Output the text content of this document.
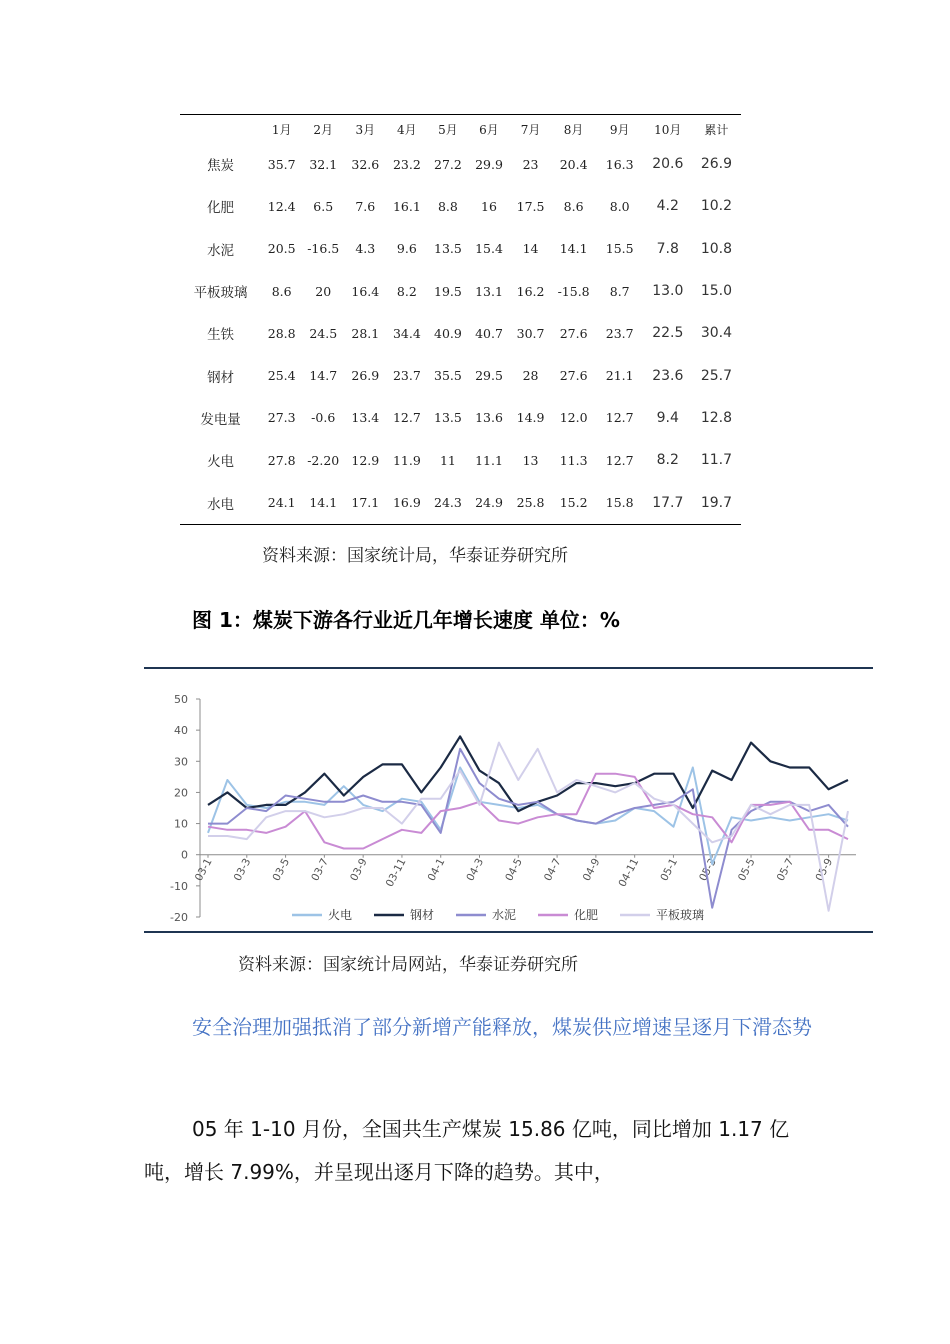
	1月	2月	3月	4月	5月	6月	7月	8月	9月	10月	累计
焦炭	35.7	32.1	32.6	23.2	27.2	29.9	23	20.4	16.3	20.6	26.9
化肥	12.4	6.5	7.6	16.1	8.8	16	17.5	8.6	8.0	4.2	10.2
水泥	20.5	-16.5	4.3	9.6	13.5	15.4	14	14.1	15.5	7.8	10.8
平板玻璃	8.6	20	16.4	8.2	19.5	13.1	16.2	-15.8	8.7	13.0	15.0
生铁	28.8	24.5	28.1	34.4	40.9	40.7	30.7	27.6	23.7	22.5	30.4
钢材	25.4	14.7	26.9	23.7	35.5	29.5	28	27.6	21.1	23.6	25.7
发电量	27.3	-0.6	13.4	12.7	13.5	13.6	14.9	12.0	12.7	9.4	12.8
火电	27.8	-2.20	12.9	11.9	11	11.1	13	11.3	12.7	8.2	11.7
水电	24.1	14.1	17.1	16.9	24.3	24.9	25.8	15.2	15.8	17.7	19.7
资料来源：国家统计局，华泰证券研究所
图 1：煤炭下游各行业近几年增长速度 单位：%
50
40
30
20
10
0
-10
-20
03-1 03-3 03-5 03-7 03-9 03-11 04-1 04-3 04-5 04-7 04-9 04-11 05-1 05-3 05-5 05-7 05-9
火电	钢材	水泥	化肥	平板玻璃
资料来源：国家统计局网站，华泰证券研究所
安全治理加强抵消了部分新增产能释放，煤炭供应增速呈逐月下滑态势
05 年 1-10 月份，全国共生产煤炭 15.86 亿吨，同比增加 1.17 亿吨，增长 7.99%，并呈现出逐月下降的趋势。其中，
